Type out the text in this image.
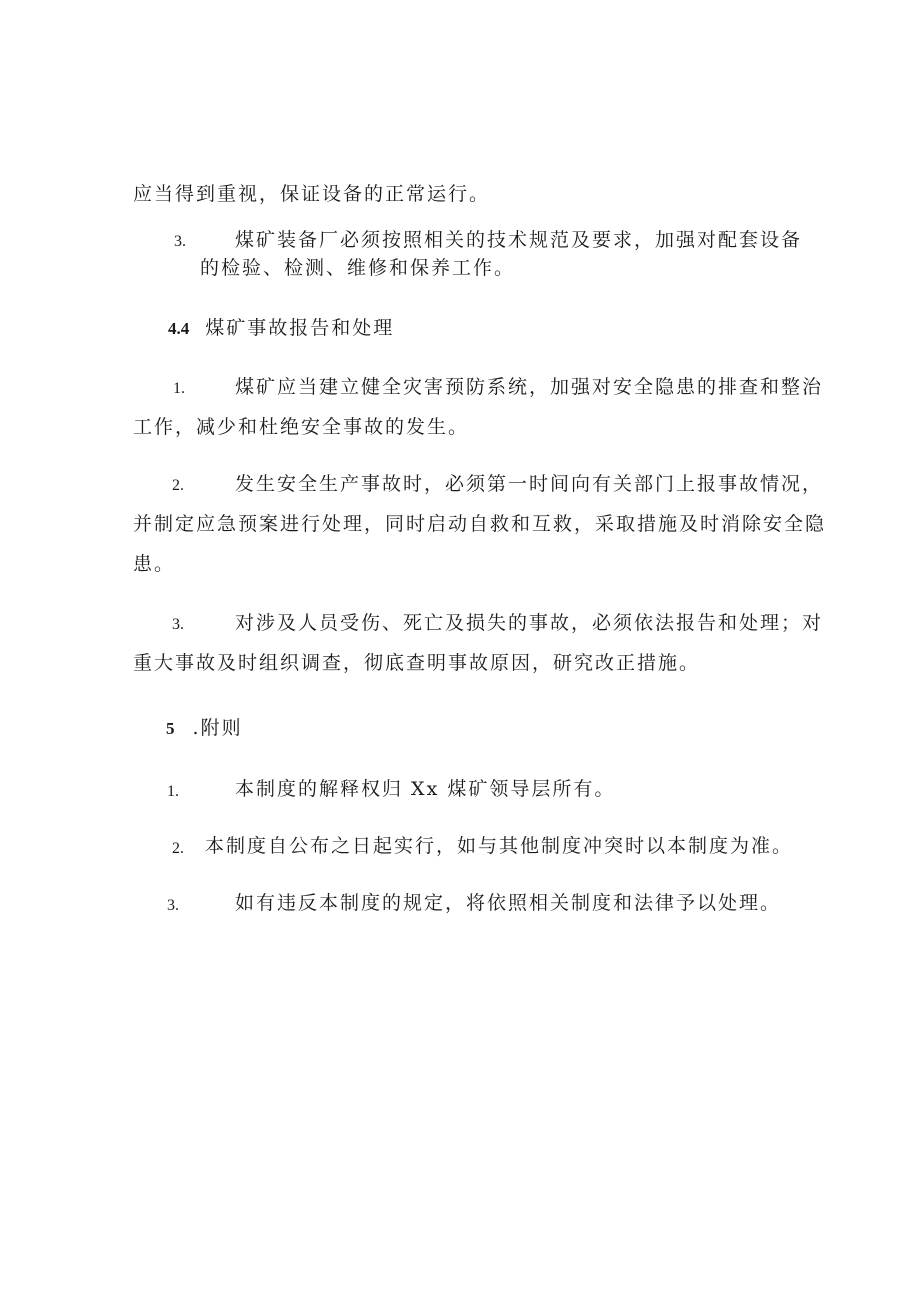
应当得到重视，保证设备的正常运行。
3.	煤矿装备厂必须按照相关的技术规范及要求，加强对配套设备
的检验、检测、维修和保养工作。
4.4 煤矿事故报告和处理
1.	煤矿应当建立健全灾害预防系统，加强对安全隐患的排查和整治
工作，减少和杜绝安全事故的发生。
2.	发生安全生产事故时，必须第一时间向有关部门上报事故情况，
并制定应急预案进行处理，同时启动自救和互救，采取措施及时消除安全隐
患。
3.	对涉及人员受伤、死亡及损失的事故，必须依法报告和处理；对
重大事故及时组织调查，彻底查明事故原因，研究改正措施。
5 .附则
1.	本制度的解释权归 Xx 煤矿领导层所有。
2. 本制度自公布之日起实行，如与其他制度冲突时以本制度为准。
3.	如有违反本制度的规定，将依照相关制度和法律予以处理。
